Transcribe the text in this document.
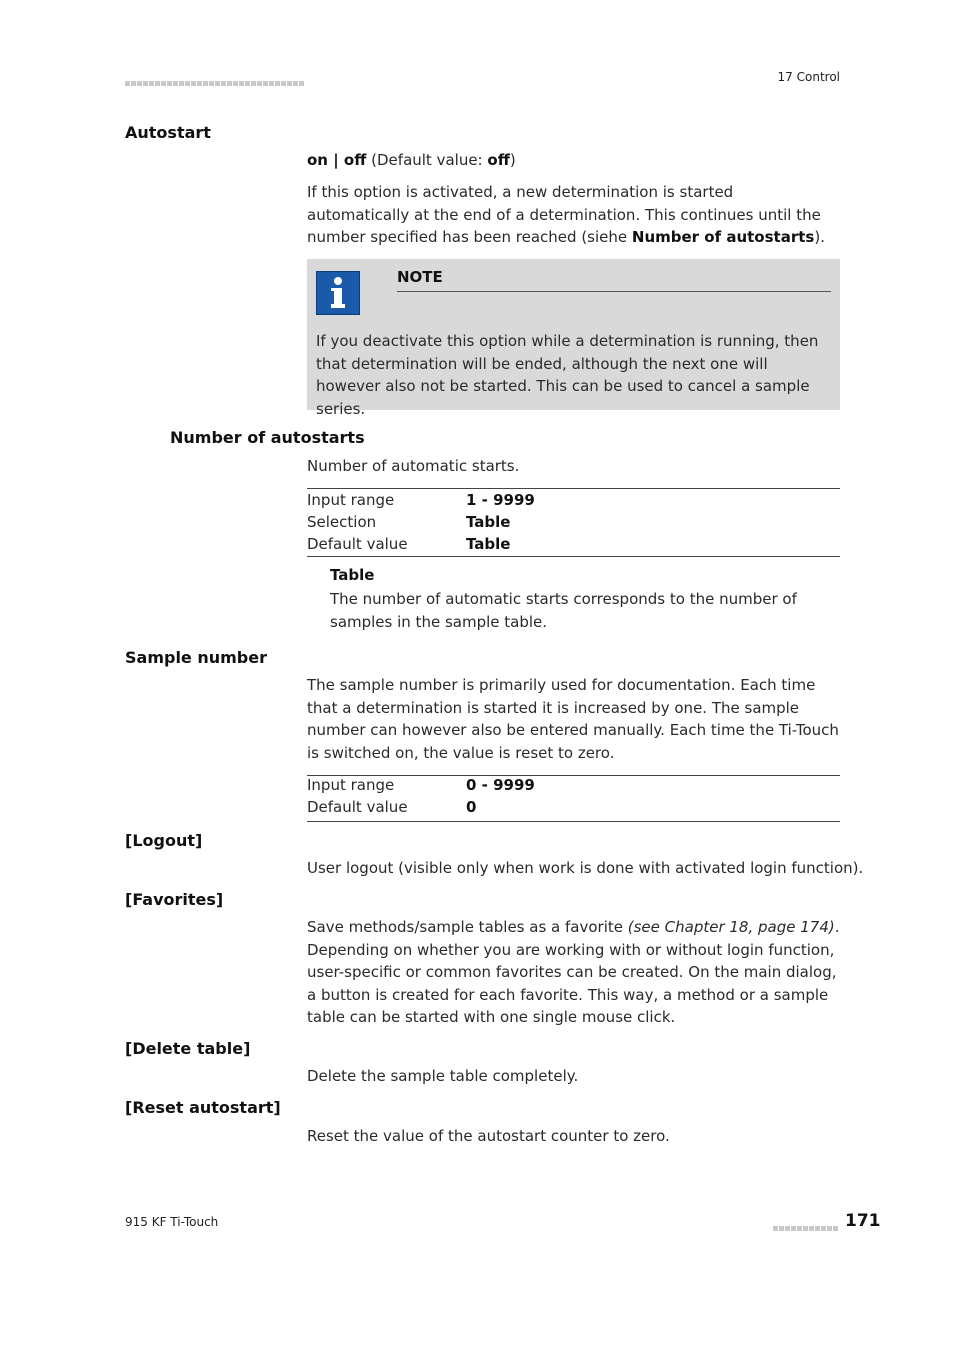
17 Control
Autostart
on | off (Default value: off)
If this option is activated, a new determination is started automatically at the end of a determination. This continues until the number specified has been reached (siehe Number of autostarts).
NOTE
If you deactivate this option while a determination is running, then that determination will be ended, although the next one will however also not be started. This can be used to cancel a sample series.
Number of autostarts
Number of automatic starts.
Input range	1 - 9999
Selection	Table
Default value	Table
Table
The number of automatic starts corresponds to the number of samples in the sample table.
Sample number
The sample number is primarily used for documentation. Each time that a determination is started it is increased by one. The sample number can however also be entered manually. Each time the Ti-Touch is switched on, the value is reset to zero.
Input range	0 - 9999
Default value	0
[Logout]
User logout (visible only when work is done with activated login function).
[Favorites]
Save methods/sample tables as a favorite (see Chapter 18, page 174). Depending on whether you are working with or without login function, user-specific or common favorites can be created. On the main dialog, a button is created for each favorite. This way, a method or a sample table can be started with one single mouse click.
[Delete table]
Delete the sample table completely.
[Reset autostart]
Reset the value of the autostart counter to zero.
915 KF Ti-Touch	171
